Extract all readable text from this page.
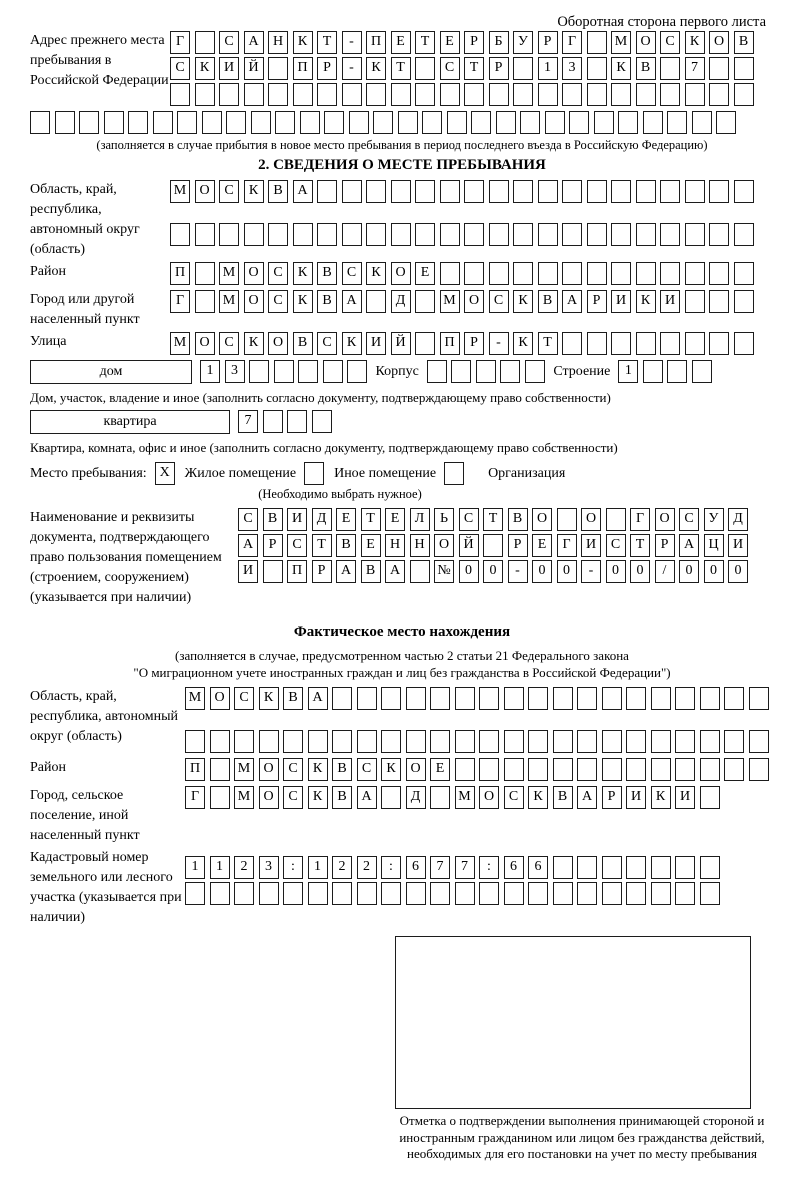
Оборотная сторона первого листа
Адрес прежнего места пребывания в Российской Федерации
Г	С А Н К Т - П Е Т Е Р Б У Р Г	М О С К О В
С К И Й	П Р - К Т	С Т Р	1 3	К В	7
(заполняется в случае прибытия в новое место пребывания в период последнего въезда в Российскую Федерацию)
2. СВЕДЕНИЯ О МЕСТЕ ПРЕБЫВАНИЯ
Область, край, республика, автономный округ (область)
М О С К В А
Район	П	М О С К В С К О Е
Город или другой населенный пункт
Г	М О С К В А	Д	М О С К В А Р И К И
Улица	М О С К О В С К И Й	П Р - К Т
дом	1 3	Корпус	Строение	1
Дом, участок, владение и иное (заполнить согласно документу, подтверждающему право собственности)
квартира	7
Квартира, комната, офис и иное (заполнить согласно документу, подтверждающему право собственности)
Место пребывания: X	Жилое помещение	Иное помещение	Организация
(Необходимо выбрать нужное)
Наименование и реквизиты документа, подтверждающего право пользования помещением (строением, сооружением) (указывается при наличии)
С В И Д Е Т Е Л Ь С Т В О	О	Г О С У Д
А Р С Т В Е Н Н О Й	Р Е Г И С Т Р А Ц И
И	П Р А В А	№ 0 0 - 0 0 - 0 0 / 0 0 0
Фактическое место нахождения
(заполняется в случае, предусмотренном частью 2 статьи 21 Федерального закона
"О миграционном учете иностранных граждан и лиц без гражданства в Российской Федерации")
Область, край, республика, автономный округ (область)
М О С К В А
Район	П	М О С К В С К О Е
Город, сельское поселение, иной населенный пункт
Г	М О С К В А	Д	М О С К В А Р И К И
Кадастровый номер земельного или лесного участка (указывается при наличии)
1 1 2 3 : 1 2 2 : 6 7 7 : 6 6
Отметка о подтверждении выполнения принимающей стороной и иностранным гражданином или лицом без гражданства действий, необходимых для его постановки на учет по месту пребывания
